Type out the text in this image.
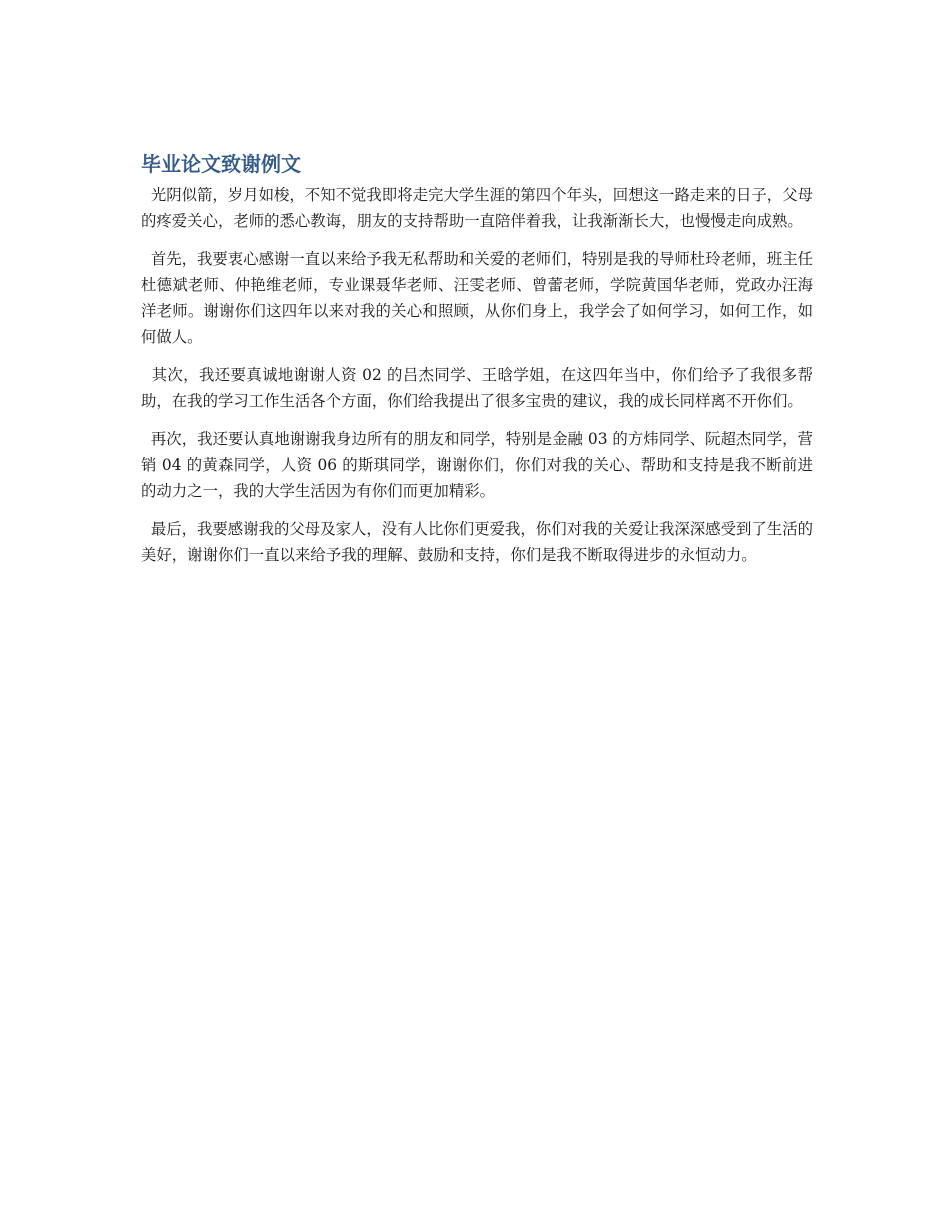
毕业论文致谢例文

光阴似箭，岁月如梭，不知不觉我即将走完大学生涯的第四个年头，回想这一路走来的日子，父母的疼爱关心，老师的悉心教诲，朋友的支持帮助一直陪伴着我，让我渐渐长大，也慢慢走向成熟。

首先，我要衷心感谢一直以来给予我无私帮助和关爱的老师们，特别是我的导师杜玲老师，班主任杜德斌老师、仲艳维老师，专业课聂华老师、汪雯老师、曾蕾老师，学院黄国华老师，党政办汪海洋老师。谢谢你们这四年以来对我的关心和照顾，从你们身上，我学会了如何学习，如何工作，如何做人。

其次，我还要真诚地谢谢人资 02 的吕杰同学、王晗学姐，在这四年当中，你们给予了我很多帮助，在我的学习工作生活各个方面，你们给我提出了很多宝贵的建议，我的成长同样离不开你们。

再次，我还要认真地谢谢我身边所有的朋友和同学，特别是金融 03 的方炜同学、阮超杰同学，营销 04 的黄森同学，人资 06 的斯琪同学，谢谢你们，你们对我的关心、帮助和支持是我不断前进的动力之一，我的大学生活因为有你们而更加精彩。

最后，我要感谢我的父母及家人，没有人比你们更爱我，你们对我的关爱让我深深感受到了生活的美好，谢谢你们一直以来给予我的理解、鼓励和支持，你们是我不断取得进步的永恒动力。
